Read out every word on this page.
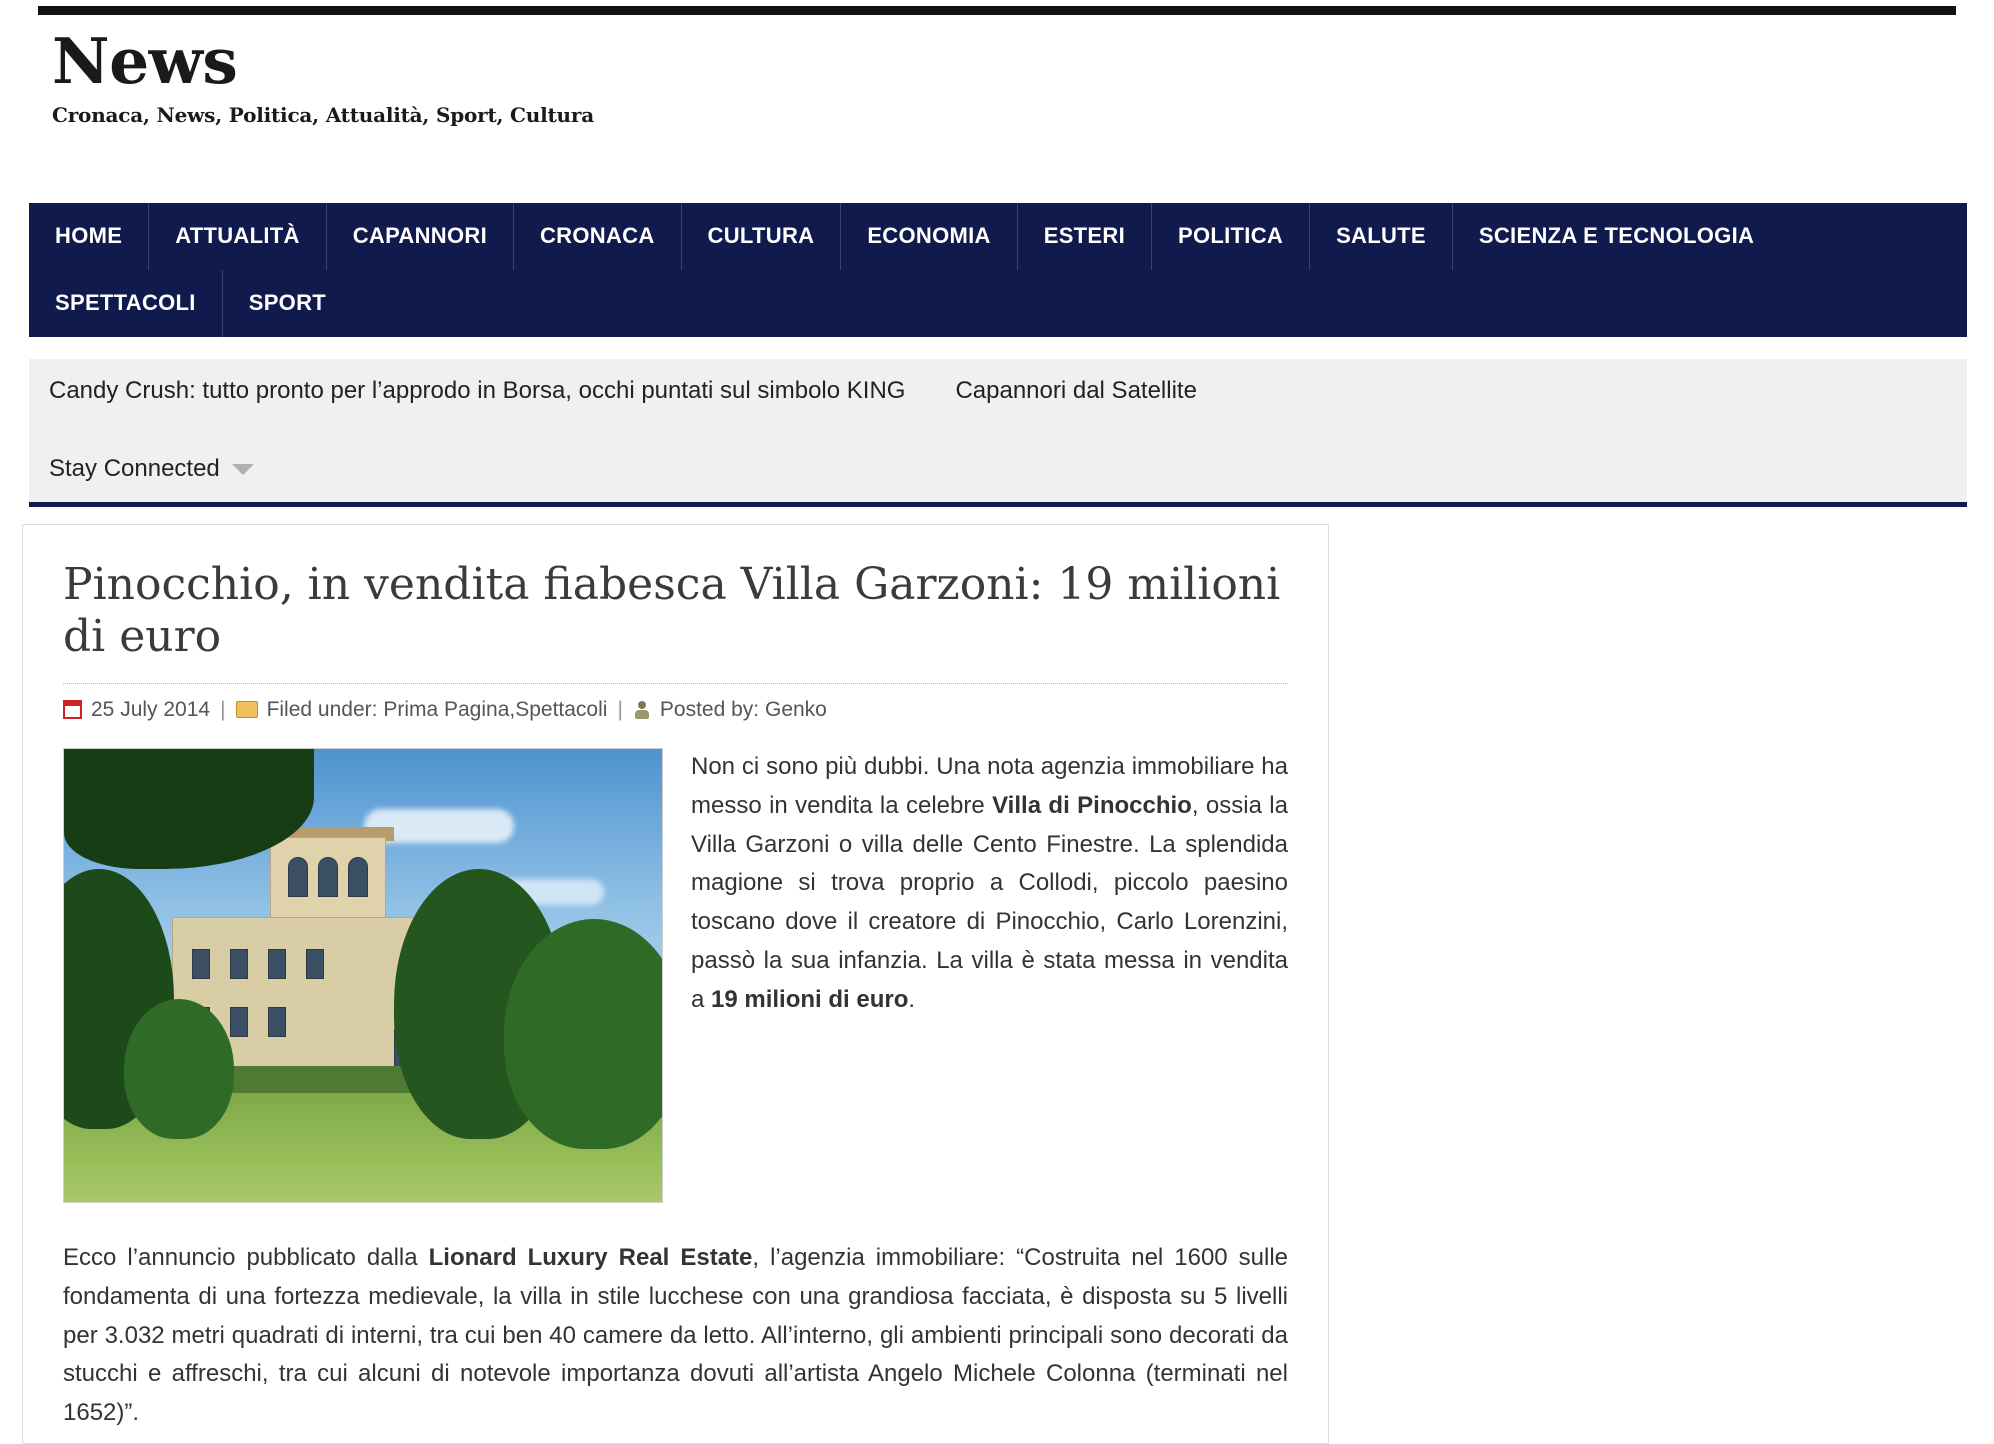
News
Cronaca, News, Politica, Attualità, Sport, Cultura
HOME	ATTUALITÀ	CAPANNORI	CRONACA	CULTURA	ECONOMIA	ESTERI	POLITICA	SALUTE	SCIENZA E TECNOLOGIA
SPETTACOLI	SPORT
Candy Crush: tutto pronto per l’approdo in Borsa, occhi puntati sul simbolo KING Capannori dal Satellite
Stay Connected
Pinocchio, in vendita fiabesca Villa Garzoni: 19 milioni di euro
25 July 2014 | Filed under:
Prima Pagina,Spettacoli | Posted by:
Genko
Non ci sono più dubbi. Una nota agenzia immobiliare ha messo in vendita la celebre Villa di Pinocchio, ossia la Villa Garzoni o villa delle Cento Finestre. La splendida magione si trova proprio a Collodi, piccolo paesino toscano dove il creatore di Pinocchio, Carlo Lorenzini, passò la sua infanzia. La villa è stata messa in vendita a 19 milioni di euro.
Ecco l’annuncio pubblicato dalla Lionard Luxury Real Estate, l’agenzia immobiliare: “Costruita nel 1600 sulle fondamenta di una fortezza medievale, la villa in stile lucchese con una grandiosa facciata, è disposta su 5 livelli per 3.032 metri quadrati di interni, tra cui ben 40 camere da letto. All’interno, gli ambienti principali sono decorati da stucchi e affreschi, tra cui alcuni di notevole importanza dovuti all’artista Angelo Michele Colonna (terminati nel 1652)”.
